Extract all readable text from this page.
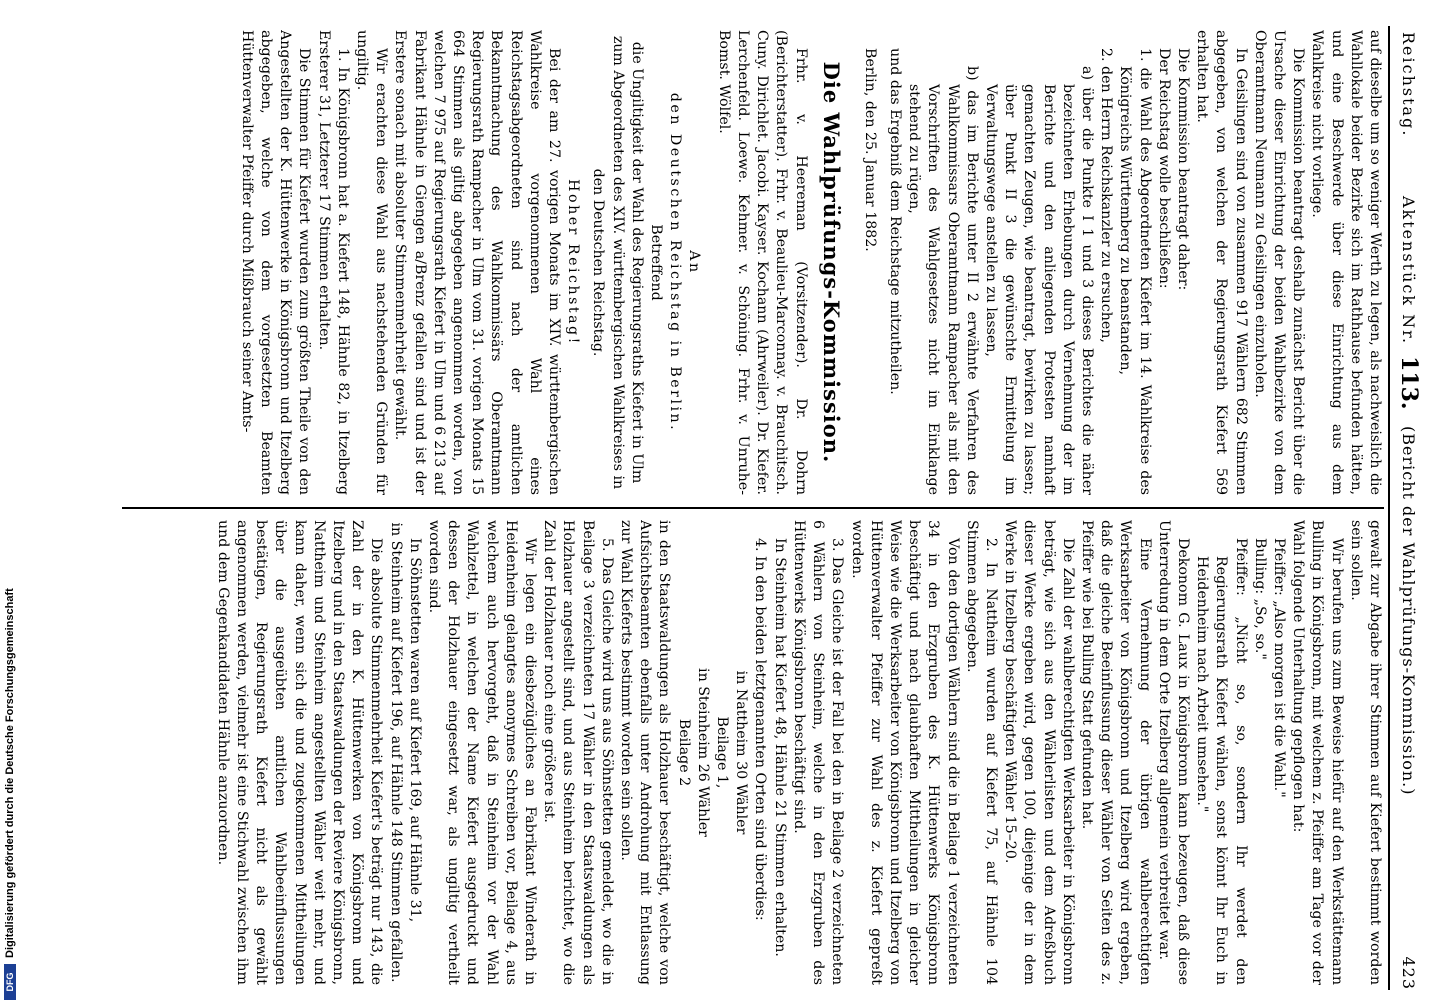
Reichstag.
Aktenstück Nr.
113.
(Bericht der Wahlprüfungs-Kommission.)
423

auf dieselbe um so weniger Werth zu legen, als nachweislich die Wahllokale beider Bezirke sich im Rathhause befunden hätten, und eine Beschwerde über diese Einrichtung aus dem Wahlkreise nicht vorliege.

Die Kommission beantragt deshalb zunächst Bericht über die Ursache dieser Einrichtung der beiden Wahlbezirke von dem Oberamtmann Neumann zu Geislingen einzuholen.

In Geislingen sind von zusammen 917 Wählern 682 Stimmen abgegeben, von welchen der Regierungsrath Kiefert 569 erhalten hat.

Die Kommission beantragt daher:

Der Reichstag wolle beschließen:

1. die Wahl des Abgeordneten Kiefert im 14. Wahlkreise des Königreichs Württemberg zu beanstanden,

2. den Herrn Reichskanzler zu ersuchen,

a) über die Punkte I 1 und 3 dieses Berichtes die näher bezeichneten Erhebungen durch Vernehmung der im Berichte und den anliegenden Protesten namhaft gemachten Zeugen, wie beantragt, bewirken zu lassen; über Punkt II 3 die gewünschte Ermittelung im Verwaltungswege anstellen zu lassen,

b) das im Berichte unter II 2 erwähnte Verfahren des Wahlkommissars Oberamtmann Rampacher als mit den Vorschriften des Wahlgesetzes nicht im Einklange stehend zu rügen,

und das Ergebniß dem Reichstage mitzutheilen.

Berlin, den 25. Januar 1882.

Die Wahlprüfungs-Kommission.

Frhr. v. Heereman (Vorsitzender). Dr. Dohrn (Berichterstatter). Frhr. v. Beaulieu-Marconnay. v. Brauchitsch. Cuny. Dirichlet. Jacobi. Kayser. Kochann (Ahrweiler). Dr. Kiefer. Lerchenfeld. Loewe. Kehmer. v. Schöning. Frhr. v. Unruhe-Bomst. Wölfel.

An

den Deutschen Reichstag in Berlin.

Betreffend

die Ungiltigkeit der Wahl des Regierungsraths Kiefert in Ulm zum Abgeordneten des XIV. württembergischen Wahlkreises in den Deutschen Reichstag.

Hoher Reichstag!

Bei der am 27. vorigen Monats im XIV. württembergischen Wahlkreise vorgenommenen Wahl eines Reichstagsabgeordneten sind nach der amtlichen Bekanntmachung des Wahlkommissärs Oberamtmann Regierungsrath Rampacher in Ulm vom 31. vorigen Monats 15 664 Stimmen als giltig abgegeben angenommen worden, von welchen 7 975 auf Regierungsrath Kiefert in Ulm und 6 213 auf Fabrikant Hähnle in Giengen a/Brenz gefallen sind und ist der Erstere sonach mit absoluter Stimmenmehrheit gewählt.

Wir erachten diese Wahl aus nachstehenden Gründen für ungiltig.

1. In Königsbronn hat a. Kiefert 148, Hähnle 82, in Itzelberg Ersterer 31, Letzterer 17 Stimmen erhalten.

Die Stimmen für Kiefert wurden zum größten Theile von den Angestellten der K. Hüttenwerke in Königsbronn und Itzelberg abgegeben, welche von dem vorgesetzten Beamten Hüttenverwalter Pfeiffer durch Mißbrauch seiner Amts-

gewalt zur Abgabe ihrer Stimmen auf Kiefert bestimmt worden sein sollen.

Wir berufen uns zum Beweise hiefür auf den Werkstättemann Bulling in Königsbronn, mit welchem z. Pfeiffer am Tage vor der Wahl folgende Unterhaltung gepflogen hat:

Pfeiffer: „Also morgen ist die Wahl."

Bulling: „So, so."

Pfeiffer: „Nicht so, so, sondern Ihr werdet den Regierungsrath Kiefert wählen, sonst könnt Ihr Euch in Heidenheim nach Arbeit umsehen."

Dekonom G. Laux in Königsbronn kann bezeugen, daß diese Unterredung in dem Orte Itzelberg allgemein verbreitet war.

Eine Vernehmung der übrigen wahlberechtigten Werksarbeiter von Königsbronn und Itzelberg wird ergeben, daß die gleiche Beeinflussung dieser Wähler von Seiten des z. Pfeiffer wie bei Bulling Statt gefunden hat.

Die Zahl der wahlberechtigten Werksarbeiter in Königsbronn beträgt, wie sich aus den Wählerlisten und dem Adreßbuch dieser Werke ergeben wird, gegen 100, diejenige der in dem Werke in Itzelberg beschäftigten Wähler 15–20.

2. In Nattheim wurden auf Kiefert 75, auf Hähnle 104 Stimmen abgegeben.

Von den dortigen Wählern sind die in Beilage 1 verzeichneten 34 in den Erzgruben des K. Hüttenwerks Königsbronn beschäftigt und nach glaubhaften Mittheilungen in gleicher Weise wie die Werksarbeiter von Königsbronn und Itzelberg von Hüttenverwalter Pfeiffer zur Wahl des z. Kiefert gepreßt worden.

3. Das Gleiche ist der Fall bei den in Beilage 2 verzeichneten 6 Wählern von Steinheim, welche in den Erzgruben des Hüttenwerks Königsbronn beschäftigt sind.

In Steinheim hat Kiefert 48, Hähnle 21 Stimmen erhalten.

4. In den beiden letztgenannten Orten sind überdies:

in Nattheim 30 Wähler

Beilage 1,

in Steinheim 26 Wähler

Beilage 2

in den Staatswaldungen als Holzhauer beschäftigt, welche von Aufsichtsbeamten ebenfalls unter Androhung mit Entlassung zur Wahl Kieferts bestimmt worden sein sollen.

5. Das Gleiche wird uns aus Söhnstetten gemeldet, wo die in Beilage 3 verzeichneten 17 Wähler in den Staatswaldungen als Holzhauer angestellt sind, und aus Steinheim berichtet, wo die Zahl der Holzhauer noch eine größere ist.

Wir legen ein diesbezügliches an Fabrikant Winderath in Heidenheim gelangtes anonymes Schreiben vor, Beilage 4, aus welchem auch hervorgeht, daß in Steinheim vor der Wahl Wahlzettel, in welchen der Name Kiefert ausgedruckt und dessen der Holzhauer eingesetzt war, als ungiltig vertheilt worden sind.

In Söhnstetten waren auf Kiefert 169, auf Hähnle 31,

in Steinheim auf Kiefert 196, auf Hähnle 148 Stimmen gefallen.

Die absolute Stimmenmehrheit Kiefert's beträgt nur 143, die Zahl der in den K. Hüttenwerken von Königsbronn und Itzelberg und in den Staatswaldungen der Reviere Königsbronn, Nattheim und Steinheim angestellten Wähler weit mehr, und kann daher, wenn sich die und zugekommenen Mittheilungen über die ausgeübten amtlichen Wahlbeeinflussungen bestätigen, Regierungsrath Kiefert nicht als gewählt angenommen werden, vielmehr ist eine Stichwahl zwischen ihm und dem Gegenkandidaten Hähnle anzuordnen.

DFG
Digitalisierung gefördert durch die Deutsche Forschungsgemeinschaft
